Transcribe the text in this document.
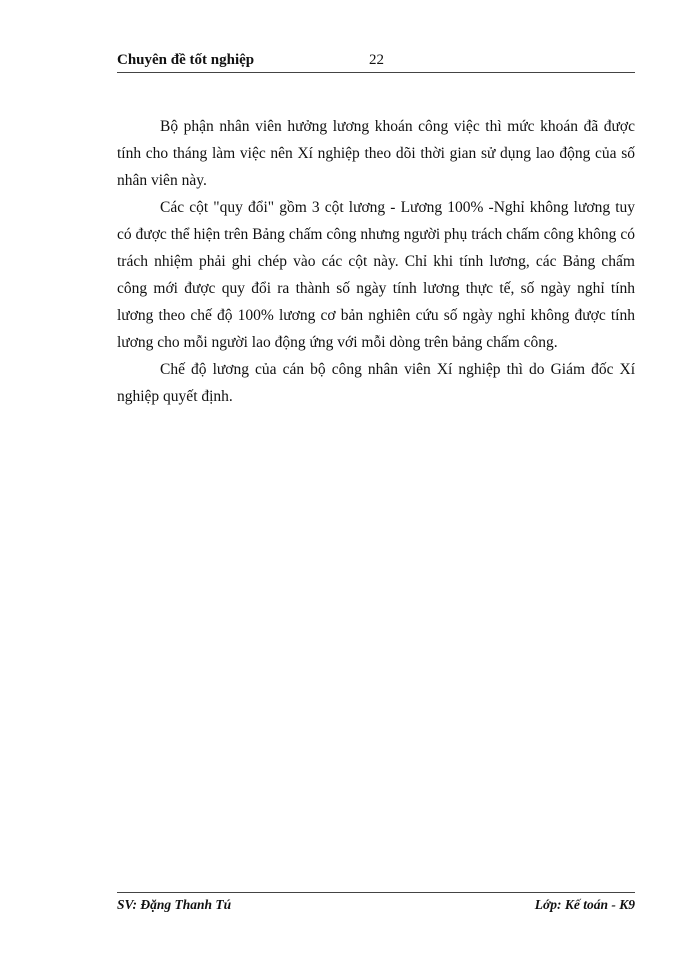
Chuyên đề tốt nghiệp	22

Bộ phận nhân viên hưởng lương khoán công việc thì mức khoán đã được tính cho tháng làm việc nên Xí nghiệp theo dõi thời gian sử dụng lao động của số nhân viên này.

Các cột "quy đổi" gồm 3 cột lương - Lương 100% -Nghỉ không lương tuy có được thể hiện trên Bảng chấm công nhưng người phụ trách chấm công không có trách nhiệm phải ghi chép vào các cột này. Chỉ khi tính lương, các Bảng chấm công mới được quy đổi ra thành số ngày tính lương thực tế, số ngày nghỉ tính lương theo chế độ 100% lương cơ bản nghiên cứu số ngày nghỉ không được tính lương cho mỗi người lao động ứng với mỗi dòng trên bảng chấm công.

Chế độ lương của cán bộ công nhân viên Xí nghiệp thì do Giám đốc Xí nghiệp quyết định.

SV: Đặng Thanh Tú	Lớp: Kế toán - K9
